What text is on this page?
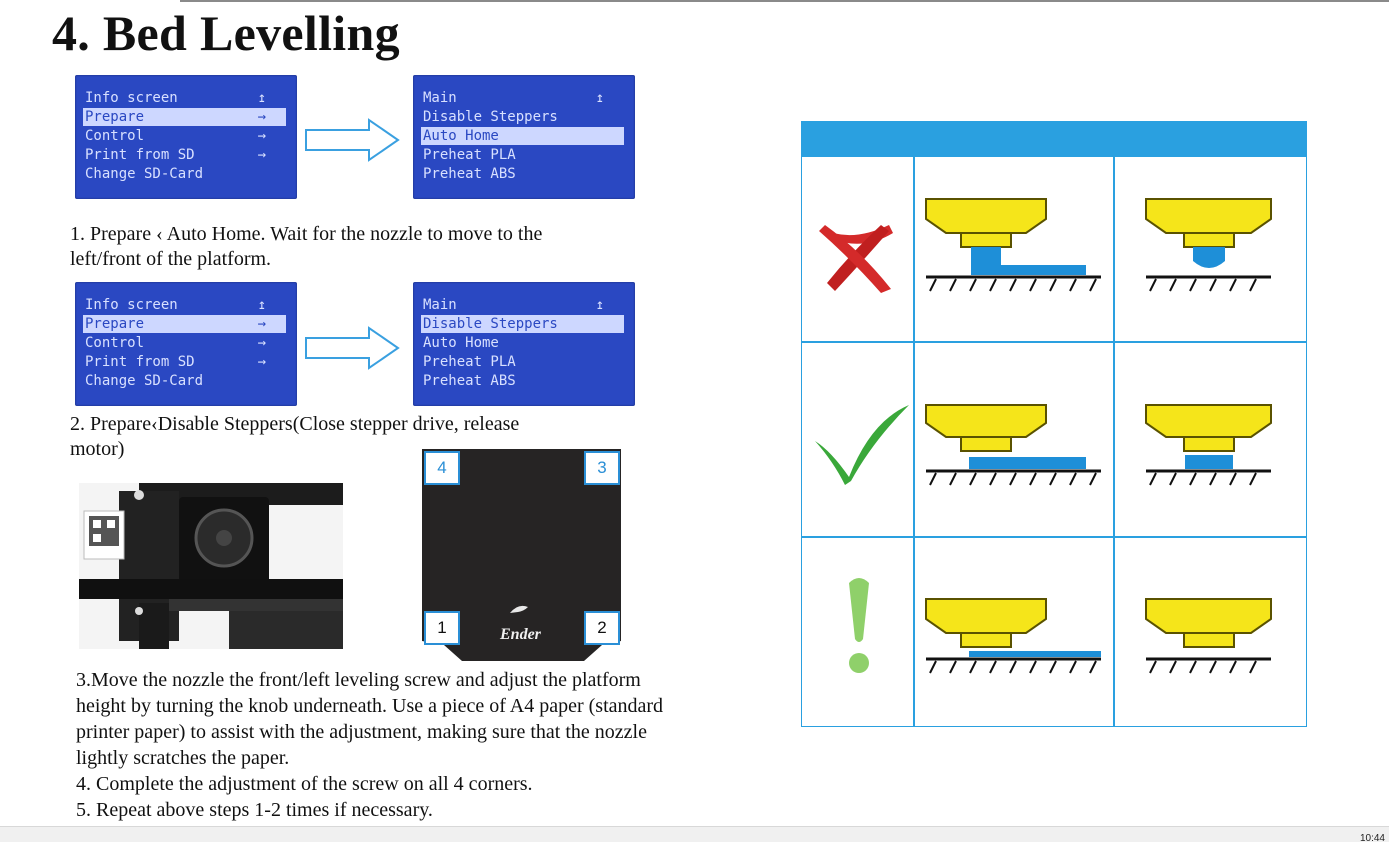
4. Bed Levelling
Info screen	↥
Prepare	→
Control	→
Print from SD	→
Change SD-Card
Main	↥
Disable Steppers
Auto Home
Preheat PLA
Preheat ABS
1. Prepare ‹ Auto Home. Wait for the nozzle to move to the
left/front of the platform.
Info screen	↥
Prepare	→
Control	→
Print from SD	→
Change SD-Card
Main	↥
Disable Steppers
Auto Home
Preheat PLA
Preheat ABS
2. Prepare‹Disable Steppers(Close stepper drive, release
motor)
4	3
1	2
Ender
3.Move the nozzle the front/left leveling screw and adjust the platform
height by turning the knob underneath. Use a piece of A4 paper (standard
printer paper) to assist with the adjustment, making sure that the nozzle
lightly scratches the paper.
4. Complete the adjustment of the screw on all 4 corners.
5. Repeat above steps 1-2 times if necessary.
10:44
